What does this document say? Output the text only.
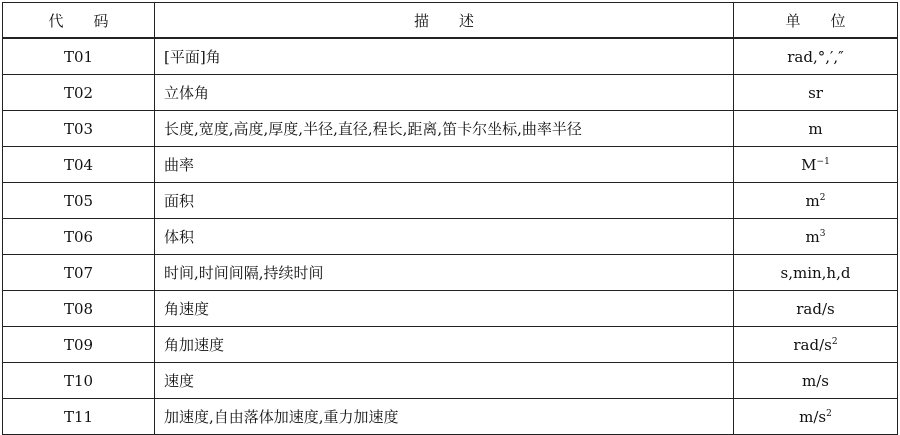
代　　码	描　　述	单　　位
T01	[平面]角	rad,°,′,″
T02	立体角	sr
T03	长度,宽度,高度,厚度,半径,直径,程长,距离,笛卡尔坐标,曲率半径	m
T04	曲率	$M^{-1}$
T05	面积	$m^2$
T06	体积	$m^3$
T07	时间,时间间隔,持续时间	s,min,h,d
T08	角速度	rad/s
T09	角加速度	rad/$s^2$
T10	速度	m/s
T11	加速度,自由落体加速度,重力加速度	$m/s^2$
